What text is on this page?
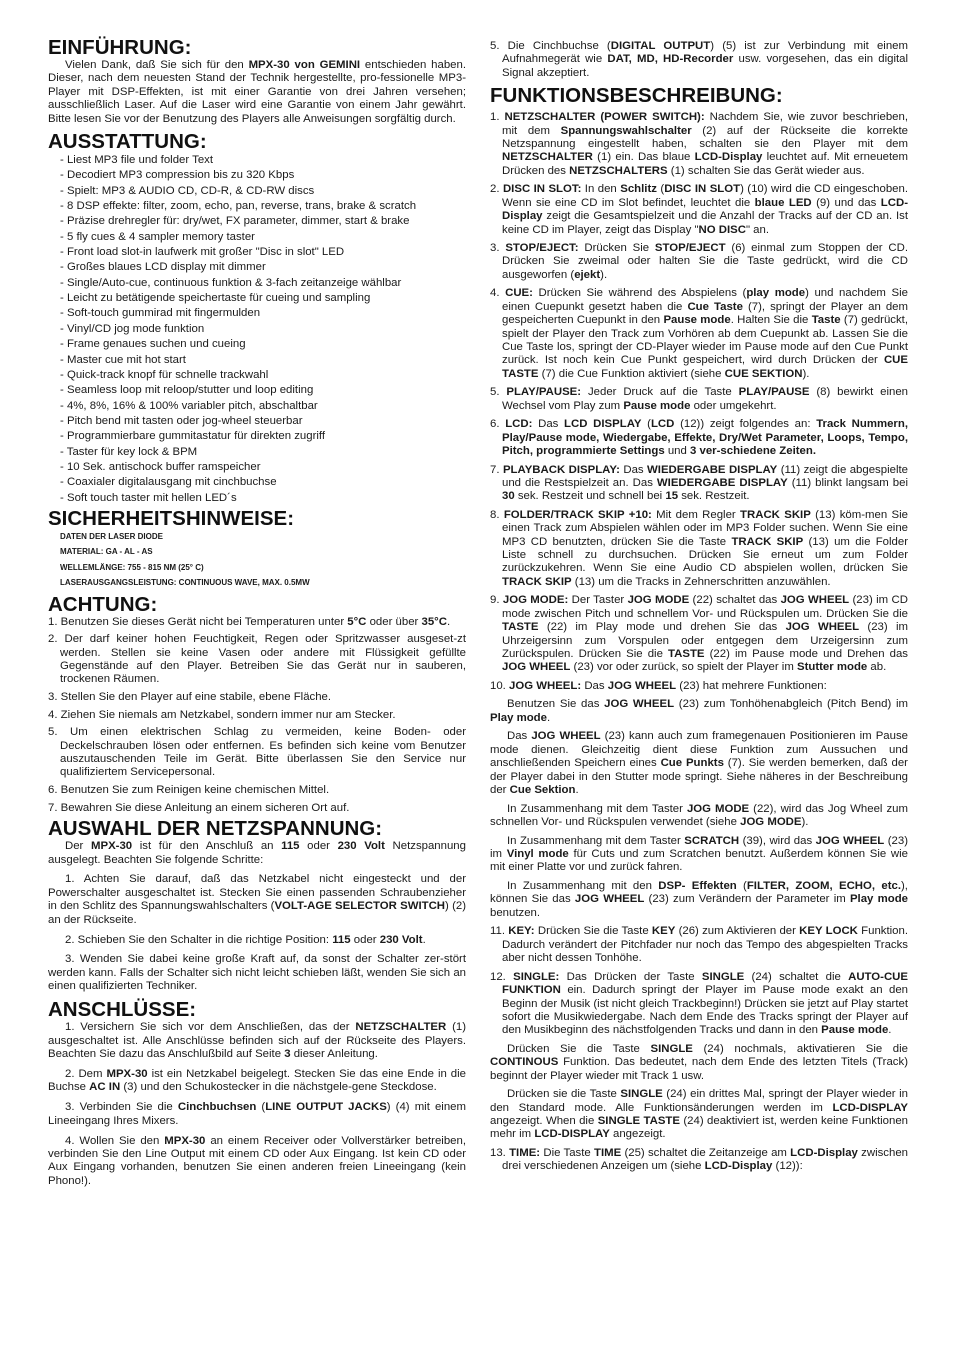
EINFÜHRUNG:

Vielen Dank, daß Sie sich für den MPX-30 von GEMINI entschieden haben. Dieser, nach dem neuesten Stand der Technik hergestellte, pro-fessionelle MP3-Player mit DSP-Effekten, ist mit einer Garantie von drei Jahren versehen; ausschließlich Laser. Auf die Laser wird eine Garantie von einem Jahr gewährt. Bitte lesen Sie vor der Benutzung des Players alle Anweisungen sorgfältig durch.

AUSSTATTUNG:
- Liest MP3 file und folder Text
- Decodiert MP3 compression bis zu 320 Kbps
- Spielt: MP3 & AUDIO CD, CD-R, & CD-RW discs
- 8 DSP effekte: filter, zoom, echo, pan, reverse, trans, brake & scratch
- Präzise drehregler für: dry/wet, FX parameter, dimmer, start & brake
- 5 fly cues & 4 sampler memory taster
- Front load slot-in laufwerk mit großer "Disc in slot" LED
- Großes blaues LCD display mit dimmer
- Single/Auto-cue, continuous funktion & 3-fach zeitanzeige wählbar
- Leicht zu betätigende speichertaste für cueing und sampling
- Soft-touch gummirad mit fingermulden
- Vinyl/CD jog mode funktion
- Frame genaues suchen und cueing
- Master cue mit hot start
- Quick-track knopf für schnelle trackwahl
- Seamless loop mit reloop/stutter und loop editing
- 4%, 8%, 16% & 100% variabler pitch, abschaltbar
- Pitch bend mit tasten oder jog-wheel steuerbar
- Programmierbare gummitastatur für direkten zugriff
- Taster für key lock & BPM
- 10 Sek. antischock buffer ramspeicher
- Coaxialer digitalausgang mit cinchbuchse
- Soft touch taster mit hellen LED´s
SICHERHEITSHINWEISE:
DATEN DER LASER DIODE
MATERIAL: GA - AL - AS
WELLEMLÄNGE: 755 - 815 NM (25° C)
LASERAUSGANGSLEISTUNG: CONTINUOUS WAVE, MAX. 0.5MW
ACHTUNG:

1. Benutzen Sie dieses Gerät nicht bei Temperaturen unter 5°C oder über 35°C.

2. Der darf keiner hohen Feuchtigkeit, Regen oder Spritzwasser ausgeset-zt werden. Stellen sie keine Vasen oder andere mit Flüssigkeit gefüllte Gegenstände auf den Player. Betreiben Sie das Gerät nur in sauberen, trockenen Räumen.

3. Stellen Sie den Player auf eine stabile, ebene Fläche.

4. Ziehen Sie niemals am Netzkabel, sondern immer nur am Stecker.

5. Um einen elektrischen Schlag zu vermeiden, keine Boden- oder Deckelschrauben lösen oder entfernen. Es befinden sich keine vom Benutzer auszutauschenden Teile im Gerät. Bitte überlassen Sie den Service nur qualifiziertem Servicepersonal.

6. Benutzen Sie zum Reinigen keine chemischen Mittel.

7. Bewahren Sie diese Anleitung an einem sicheren Ort auf.

AUSWAHL DER NETZSPANNUNG:

Der MPX-30 ist für den Anschluß an 115 oder 230 Volt Netzspannung ausgelegt. Beachten Sie folgende Schritte:

1. Achten Sie darauf, daß das Netzkabel nicht eingesteckt und der Powerschalter ausgeschaltet ist. Stecken Sie einen passenden Schraubenzieher in den Schlitz des Spannungswahlschalters (VOLT-AGE SELECTOR SWITCH) (2) an der Rückseite.

2. Schieben Sie den Schalter in die richtige Position: 115 oder 230 Volt.

3. Wenden Sie dabei keine große Kraft auf, da sonst der Schalter zer-stört werden kann. Falls der Schalter sich nicht leicht schieben läßt, wenden Sie sich an einen qualifizierten Techniker.

ANSCHLÜSSE:

1. Versichern Sie sich vor dem Anschließen, das der NETZSCHALTER (1) ausgeschaltet ist. Alle Anschlüsse befinden sich auf der Rückseite des Players. Beachten Sie dazu das Anschlußbild auf Seite 3 dieser Anleitung.

2. Dem MPX-30 ist ein Netzkabel beigelegt. Stecken Sie das eine Ende in die Buchse AC IN (3) und den Schukostecker in die nächstgele-gene Steckdose.

3. Verbinden Sie die Cinchbuchsen (LINE OUTPUT JACKS) (4) mit einem Lineeingang Ihres Mixers.

4. Wollen Sie den MPX-30 an einem Receiver oder Vollverstärker betreiben, verbinden Sie den Line Output mit einem CD oder Aux Eingang. Ist kein CD oder Aux Eingang vorhanden, benutzen Sie einen anderen freien Lineeingang (kein Phono!).

5. Die Cinchbuchse (DIGITAL OUTPUT) (5) ist zur Verbindung mit einem Aufnahmegerät wie DAT, MD, HD-Recorder usw. vorgesehen, das ein digital Signal akzeptiert.

FUNKTIONSBESCHREIBUNG:

1. NETZSCHALTER (POWER SWITCH): Nachdem Sie, wie zuvor beschrieben, mit dem Spannungswahlschalter (2) auf der Rückseite die korrekte Netzspannung eingestellt haben, schalten sie den Player mit dem NETZSCHALTER (1) ein. Das blaue LCD-Display leuchtet auf. Mit erneuetem Drücken des NETZSCHALTERS (1) schalten Sie das Gerät wieder aus.

2. DISC IN SLOT: In den Schlitz (DISC IN SLOT) (10) wird die CD eingeschoben. Wenn sie eine CD im Slot befindet, leuchtet die blaue LED (9) und das LCD-Display zeigt die Gesamtspielzeit und die Anzahl der Tracks auf der CD an. Ist keine CD im Player, zeigt das Display "NO DISC" an.

3. STOP/EJECT: Drücken Sie STOP/EJECT (6) einmal zum Stoppen der CD. Drücken Sie zweimal oder halten Sie die Taste gedrückt, wird die CD ausgeworfen (ejekt).

4. CUE: Drücken Sie während des Abspielens (play mode) und nachdem Sie einen Cuepunkt gesetzt haben die Cue Taste (7), springt der Player an dem gespeicherten Cuepunkt in den Pause mode. Halten Sie die Taste (7) gedrückt, spielt der Player den Track zum Vorhören ab dem Cuepunkt ab. Lassen Sie die Cue Taste los, springt der CD-Player wieder im Pause mode auf den Cue Punkt zurück. Ist noch kein Cue Punkt gespeichert, wird durch Drücken der CUE TASTE (7) die Cue Funktion aktiviert (siehe CUE SEKTION).

5. PLAY/PAUSE: Jeder Druck auf die Taste PLAY/PAUSE (8) bewirkt einen Wechsel vom Play zum Pause mode oder umgekehrt.

6. LCD: Das LCD DISPLAY (LCD (12)) zeigt folgendes an: Track Nummern, Play/Pause mode, Wiedergabe, Effekte, Dry/Wet Parameter, Loops, Tempo, Pitch, programmierte Settings und 3 ver-schiedene Zeiten.

7. PLAYBACK DISPLAY: Das WIEDERGABE DISPLAY (11) zeigt die abgespielte und die Restspielzeit an. Das WIEDERGABE DISPLAY (11) blinkt langsam bei 30 sek. Restzeit und schnell bei 15 sek. Restzeit.

8. FOLDER/TRACK SKIP +10: Mit dem Regler TRACK SKIP (13) köm-men Sie einen Track zum Abspielen wählen oder im MP3 Folder suchen. Wenn Sie eine MP3 CD benutzten, drücken Sie die Taste TRACK SKIP (13) um die Folder Liste schnell zu durchsuchen. Drücken Sie erneut um zum Folder zurückzukehren. Wenn Sie eine Audio CD abspielen wollen, drücken Sie TRACK SKIP (13) um die Tracks in Zehnerschritten anzuwählen.

9. JOG MODE: Der Taster JOG MODE (22) schaltet das JOG WHEEL (23) im CD mode zwischen Pitch und schnellem Vor- und Rückspulen um. Drücken Sie die TASTE (22) im Play mode und drehen Sie das JOG WHEEL (23) im Uhrzeigersinn zum Vorspulen oder entgegen dem Urzeigersinn zum Zurückspulen. Drücken Sie die TASTE (22) im Pause mode und Drehen das JOG WHEEL (23) vor oder zurück, so spielt der Player im Stutter mode ab.

10. JOG WHEEL: Das JOG WHEEL (23) hat mehrere Funktionen:

Benutzen Sie das JOG WHEEL (23) zum Tonhöhenabgleich (Pitch Bend) im Play mode.

Das JOG WHEEL (23) kann auch zum framegenauen Positionieren im Pause mode dienen. Gleichzeitig dient diese Funktion zum Aussuchen und anschließenden Speichern eines Cue Punkts (7). Sie werden bemerken, daß der der Player dabei in den Stutter mode springt. Siehe näheres in der Beschreibung der Cue Sektion.

In Zusammenhang mit dem Taster JOG MODE (22), wird das Jog Wheel zum schnellen Vor- und Rückspulen verwendet (siehe JOG MODE).

In Zusammenhang mit dem Taster SCRATCH (39), wird das JOG WHEEL (23) im Vinyl mode für Cuts und zum Scratchen benutzt. Außerdem können Sie wie mit einer Platte vor und zurück fahren.

In Zusammenhang mit den DSP- Effekten (FILTER, ZOOM, ECHO, etc.), können Sie das JOG WHEEL (23) zum Verändern der Parameter im Play mode benutzen.

11. KEY: Drücken Sie die Taste KEY (26) zum Aktivieren der KEY LOCK Funktion. Dadurch verändert der Pitchfader nur noch das Tempo des abgespielten Tracks aber nicht dessen Tonhöhe.

12. SINGLE: Das Drücken der Taste SINGLE (24) schaltet die AUTO-CUE FUNKTION ein. Dadurch springt der Player im Pause mode exakt an den Beginn der Musik (ist nicht gleich Trackbeginn!) Drücken sie jetzt auf Play startet sofort die Musikwiedergabe. Nach dem Ende des Tracks springt der Player auf den Musikbeginn des nächstfolgenden Tracks und dann in den Pause mode.

Drücken Sie die Taste SINGLE (24) nochmals, aktivatieren Sie die CONTINOUS Funktion. Das bedeutet, nach dem Ende des letzten Titels (Track) beginnt der Player wieder mit Track 1 usw.

Drücken sie die Taste SINGLE (24) ein drittes Mal, springt der Player wieder in den Standard mode. Alle Funktionsänderungen werden im LCD-DISPLAY angezeigt. When die SINGLE TASTE (24) deaktiviert ist, werden keine Funktionen mehr im LCD-DISPLAY angezeigt.

13. TIME: Die Taste TIME (25) schaltet die Zeitanzeige am LCD-Display zwischen drei verschiedenen Anzeigen um (siehe LCD-Display (12)):
